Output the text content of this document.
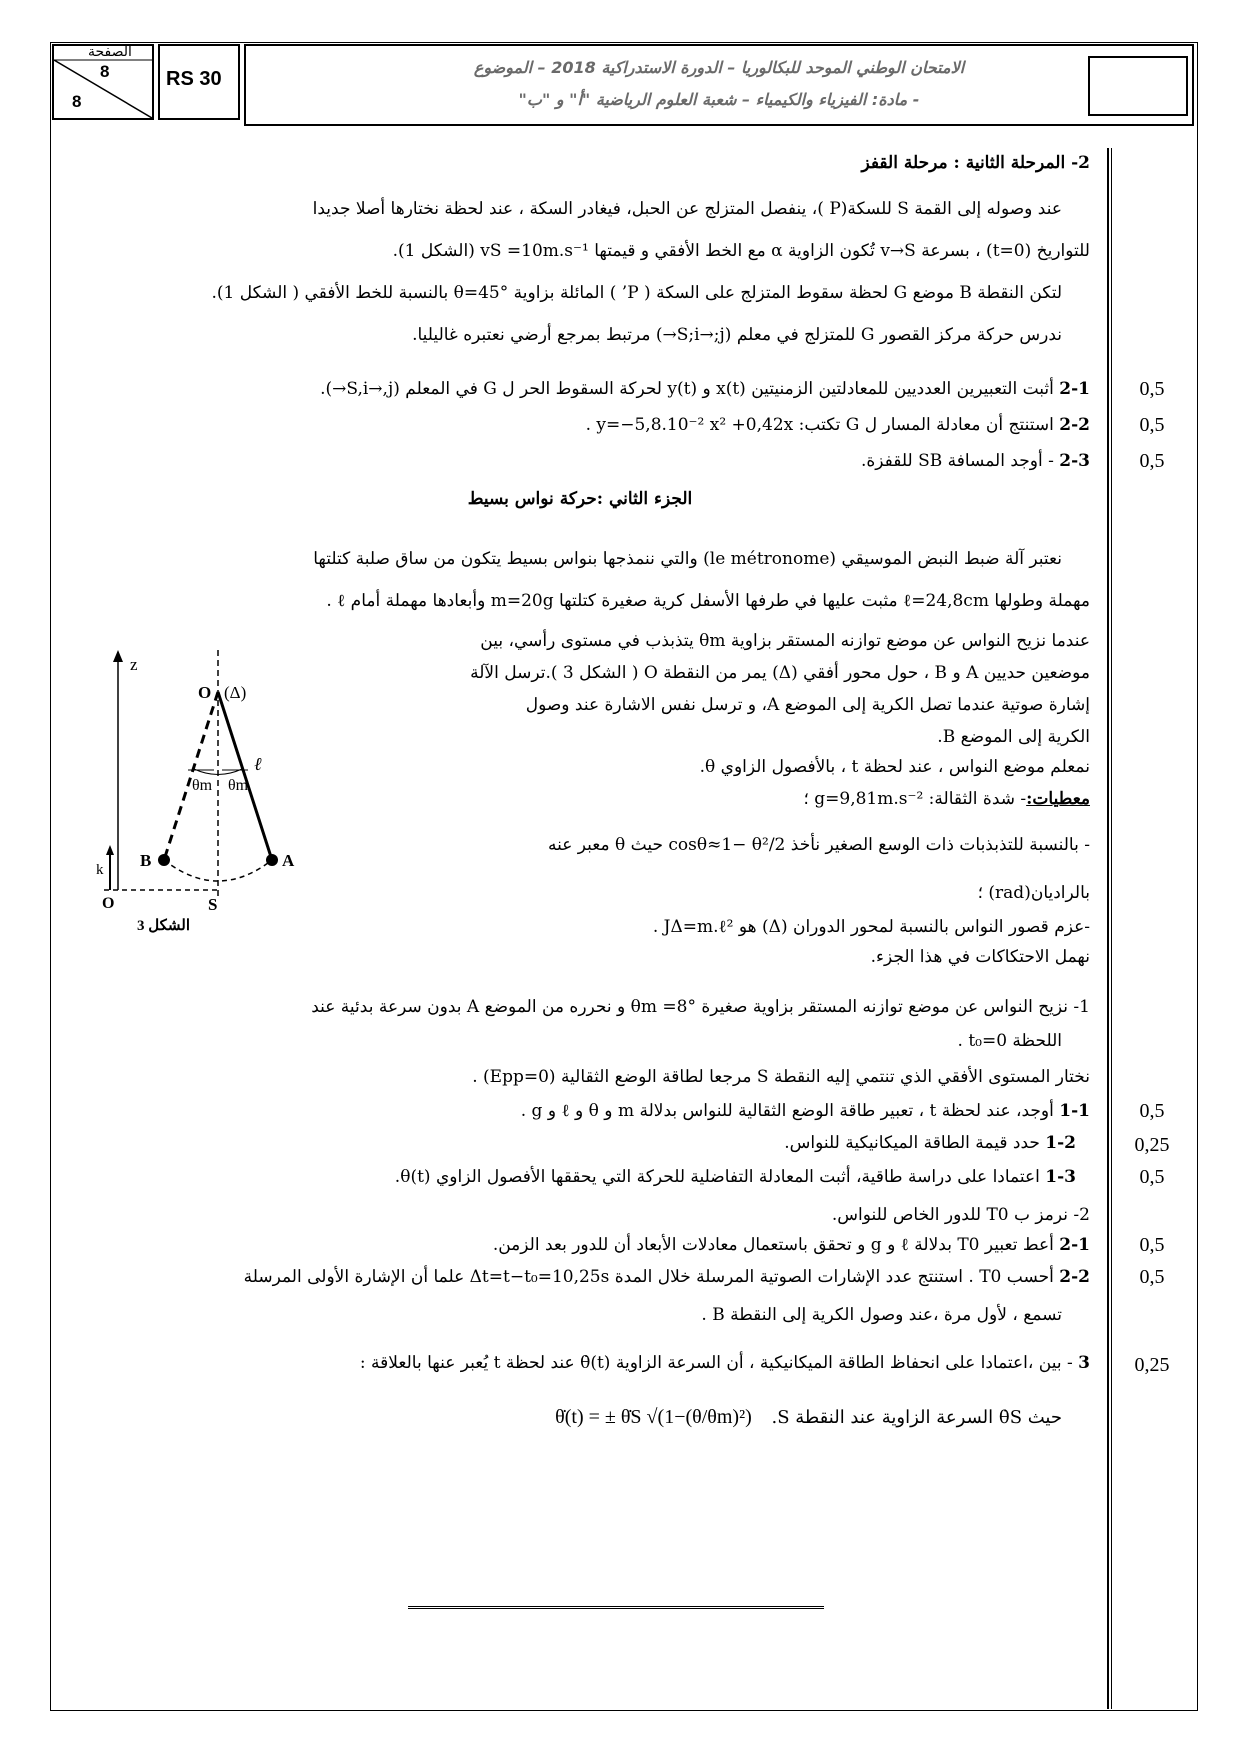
الصفحة
8
8
RS 30
الامتحان الوطني الموحد للبكالوريا – الدورة الاستدراكية 2018 – الموضوع
- مادة: الفيزياء والكيمياء – شعبة العلوم الرياضية "أ" و "ب"
2- المرحلة الثانية : مرحلة القفز
عند وصوله إلى القمة S للسكة(P )، ينفصل المتزلج عن الحبل، فيغادر السكة ، عند لحظة نختارها أصلا جديدا
للتواريخ (t=0) ، بسرعة v→S تُكون الزاوية α مع الخط الأفقي و قيمتها vS =10m.s⁻¹ (الشكل 1).
لتكن النقطة B موضع G لحظة سقوط المتزلج على السكة ( P’ ) المائلة بزاوية θ=45° بالنسبة للخط الأفقي ( الشكل 1).
ندرس حركة مركز القصور G للمتزلج في معلم (S;i→;j→) مرتبط بمرجع أرضي نعتبره غاليليا.
2-1 أثبت التعبيرين العدديين للمعادلتين الزمنيتين x(t) و y(t) لحركة السقوط الحر ل G في المعلم (S,i→,j→).
2-2 استنتج أن معادلة المسار ل G تكتب: y=−5,8.10⁻² x² +0,42x .
2-3 - أوجد المسافة SB للقفزة.
الجزء الثاني :حركة نواس بسيط
نعتبر آلة ضبط النبض الموسيقي (le métronome) والتي ننمذجها بنواس بسيط يتكون من ساق صلبة كتلتها
مهملة وطولها ℓ=24,8cm مثبت عليها في طرفها الأسفل كرية صغيرة كتلتها m=20g وأبعادها مهملة أمام ℓ .
عندما نزيح النواس عن موضع توازنه المستقر بزاوية θm يتذبذب في مستوى رأسي، بين
موضعين حديين A و B ، حول محور أفقي (Δ) يمر من النقطة O ( الشكل 3 ).ترسل الآلة
إشارة صوتية عندما تصل الكرية إلى الموضع A، و ترسل نفس الاشارة عند وصول
الكرية إلى الموضع B.
نمعلم موضع النواس ، عند لحظة t ، بالأفصول الزاوي θ.
معطيات:- شدة الثقالة: g=9,81m.s⁻² ؛
- بالنسبة للتذبذبات ذات الوسع الصغير نأخذ cosθ≈1− θ²/2 حيث θ معبر عنه
بالراديان(rad) ؛
-عزم قصور النواس بالنسبة لمحور الدوران (Δ) هو JΔ=m.ℓ² .
نهمل الاحتكاكات في هذا الجزء.
1- نزيح النواس عن موضع توازنه المستقر بزاوية صغيرة θm =8° و نحرره من الموضع A بدون سرعة بدئية عند
اللحظة t₀=0 .
نختار المستوى الأفقي الذي تنتمي إليه النقطة S مرجعا لطاقة الوضع الثقالية (Epp=0) .
1-1 أوجد، عند لحظة t ، تعبير طاقة الوضع الثقالية للنواس بدلالة m و θ و ℓ و g .
1-2 حدد قيمة الطاقة الميكانيكية للنواس.
1-3 اعتمادا على دراسة طاقية، أثبت المعادلة التفاضلية للحركة التي يحققها الأفصول الزاوي θ(t).
2- نرمز ب T0 للدور الخاص للنواس.
2-1 أعط تعبير T0 بدلالة ℓ و g و تحقق باستعمال معادلات الأبعاد أن للدور بعد الزمن.
2-2 أحسب T0 . استنتج عدد الإشارات الصوتية المرسلة خلال المدة Δt=t−t₀=10,25s علما أن الإشارة الأولى المرسلة
تسمع ، لأول مرة ،عند وصول الكرية إلى النقطة B .
3 - بين ،اعتمادا على انحفاظ الطاقة الميكانيكية ، أن السرعة الزاوية θ̇(t) عند لحظة t يُعبر عنها بالعلاقة :
حيث θ̇S السرعة الزاوية عند النقطة S. θ̇(t) = ± θ̇S √(1−(θ/θm)²)
0,5
0,5
0,5
0,5
0,25
0,5
0,5
0,5
0,25
z
k
O
O (Δ)
ℓ
θm θm
B	A
S
الشكل 3
